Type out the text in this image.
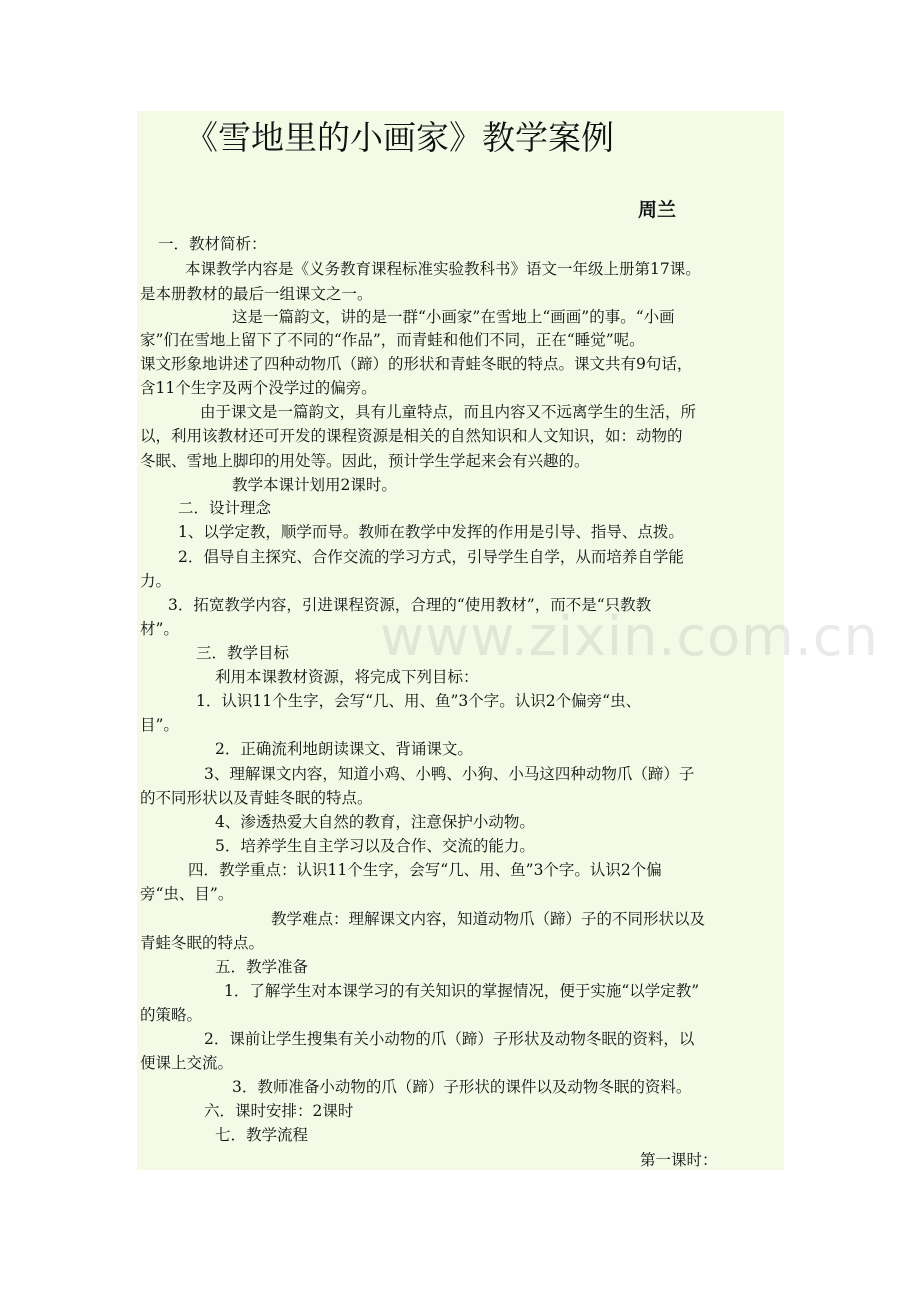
www.zixin.com.cn
《雪地里的小画家》教学案例
周兰
一．教材简析：
本课教学内容是《义务教育课程标准实验教科书》语文一年级上册第17课。
是本册教材的最后一组课文之一。
这是一篇韵文，讲的是一群“小画家”在雪地上“画画”的事。“小画
家”们在雪地上留下了不同的“作品”，而青蛙和他们不同，正在“睡觉”呢。
课文形象地讲述了四种动物爪（蹄）的形状和青蛙冬眠的特点。课文共有9句话，
含11个生字及两个没学过的偏旁。
由于课文是一篇韵文，具有儿童特点，而且内容又不远离学生的生活，所
以，利用该教材还可开发的课程资源是相关的自然知识和人文知识，如：动物的
冬眠、雪地上脚印的用处等。因此，预计学生学起来会有兴趣的。
教学本课计划用2课时。
二．设计理念
1、以学定教，顺学而导。教师在教学中发挥的作用是引导、指导、点拨。
2．倡导自主探究、合作交流的学习方式，引导学生自学，从而培养自学能
力。
3．拓宽教学内容，引进课程资源，合理的“使用教材”，而不是“只教教
材”。
三．教学目标
利用本课教材资源，将完成下列目标：
1．认识11个生字，会写“几、用、鱼”3个字。认识2个偏旁“虫、
目”。
2．正确流利地朗读课文、背诵课文。
3、理解课文内容，知道小鸡、小鸭、小狗、小马这四种动物爪（蹄）子
的不同形状以及青蛙冬眠的特点。
4、渗透热爱大自然的教育，注意保护小动物。
5．培养学生自主学习以及合作、交流的能力。
四．教学重点：认识11个生字，会写“几、用、鱼”3个字。认识2个偏
旁“虫、目”。
教学难点：理解课文内容，知道动物爪（蹄）子的不同形状以及
青蛙冬眠的特点。
五．教学准备
1．了解学生对本课学习的有关知识的掌握情况，便于实施“以学定教”
的策略。
2．课前让学生搜集有关小动物的爪（蹄）子形状及动物冬眠的资料，以
便课上交流。
3．教师准备小动物的爪（蹄）子形状的课件以及动物冬眠的资料。
六．课时安排：2课时
七．教学流程
第一课时：
